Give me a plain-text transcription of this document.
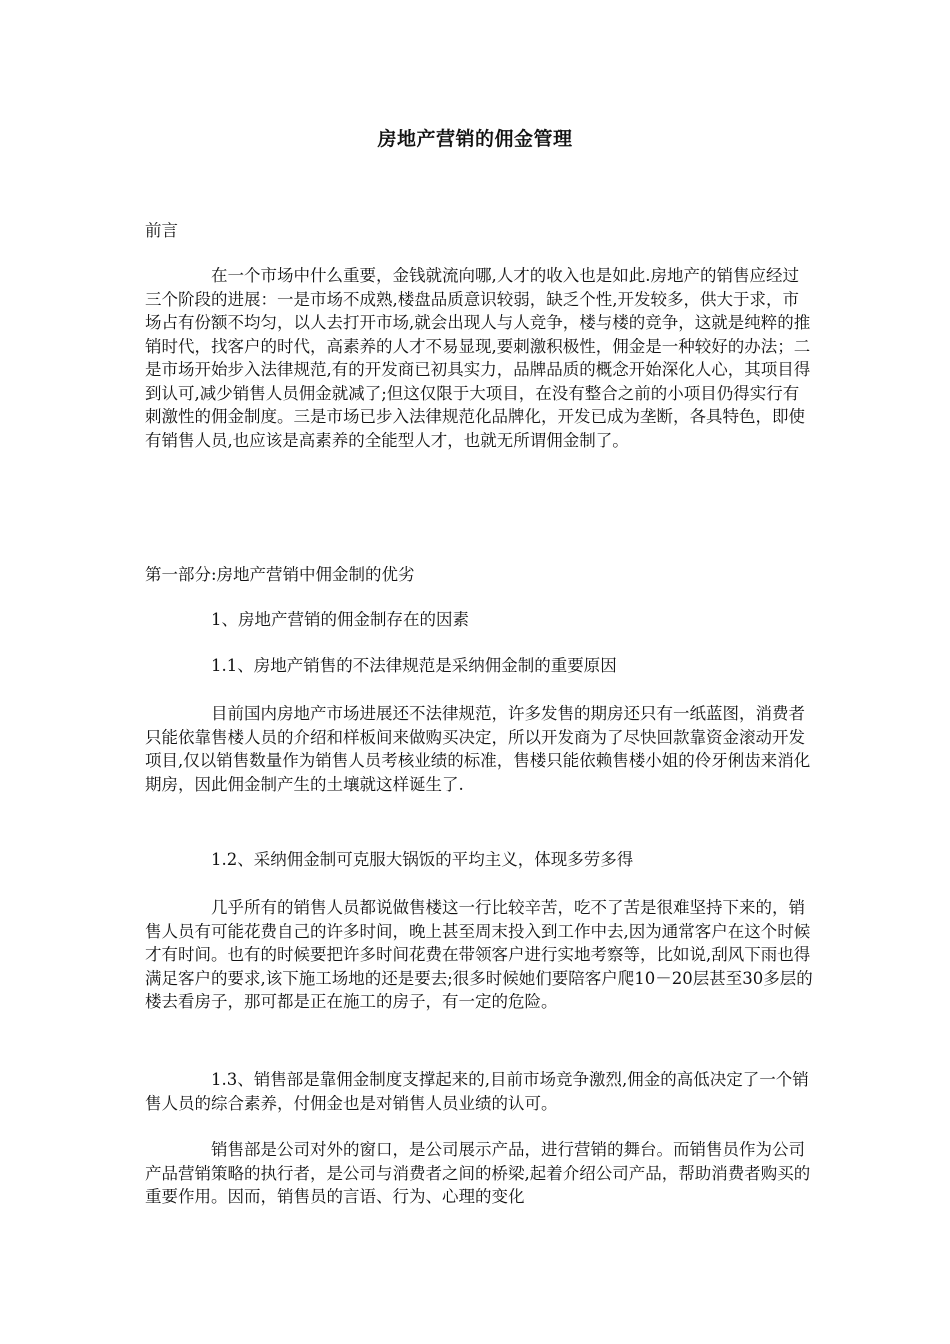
房地产营销的佣金管理
前言
在一个市场中什么重要，金钱就流向哪,人才的收入也是如此.房地产的销售应经过三个阶段的进展：一是市场不成熟,楼盘品质意识较弱，缺乏个性,开发较多，供大于求，市场占有份额不均匀，以人去打开市场,就会出现人与人竞争，楼与楼的竞争，这就是纯粹的推销时代，找客户的时代，高素养的人才不易显现,要刺激积极性，佣金是一种较好的办法；二是市场开始步入法律规范,有的开发商已初具实力，品牌品质的概念开始深化人心，其项目得到认可,减少销售人员佣金就减了;但这仅限于大项目，在没有整合之前的小项目仍得实行有刺激性的佣金制度。三是市场已步入法律规范化品牌化，开发已成为垄断，各具特色，即使有销售人员,也应该是高素养的全能型人才，也就无所谓佣金制了。
第一部分:房地产营销中佣金制的优劣
1、房地产营销的佣金制存在的因素
1.1、房地产销售的不法律规范是采纳佣金制的重要原因
目前国内房地产市场进展还不法律规范，许多发售的期房还只有一纸蓝图，消费者只能依靠售楼人员的介绍和样板间来做购买决定，所以开发商为了尽快回款靠资金滚动开发项目,仅以销售数量作为销售人员考核业绩的标准，售楼只能依赖售楼小姐的伶牙俐齿来消化期房，因此佣金制产生的土壤就这样诞生了.
1.2、采纳佣金制可克服大锅饭的平均主义，体现多劳多得
几乎所有的销售人员都说做售楼这一行比较辛苦，吃不了苦是很难坚持下来的，销售人员有可能花费自己的许多时间，晚上甚至周末投入到工作中去,因为通常客户在这个时候才有时间。也有的时候要把许多时间花费在带领客户进行实地考察等，比如说,刮风下雨也得满足客户的要求,该下施工场地的还是要去;很多时候她们要陪客户爬10－20层甚至30多层的楼去看房子，那可都是正在施工的房子，有一定的危险。
1.3、销售部是靠佣金制度支撑起来的,目前市场竞争激烈,佣金的高低决定了一个销售人员的综合素养，付佣金也是对销售人员业绩的认可。
销售部是公司对外的窗口，是公司展示产品，进行营销的舞台。而销售员作为公司产品营销策略的执行者，是公司与消费者之间的桥梁,起着介绍公司产品，帮助消费者购买的重要作用。因而，销售员的言语、行为、心理的变化
